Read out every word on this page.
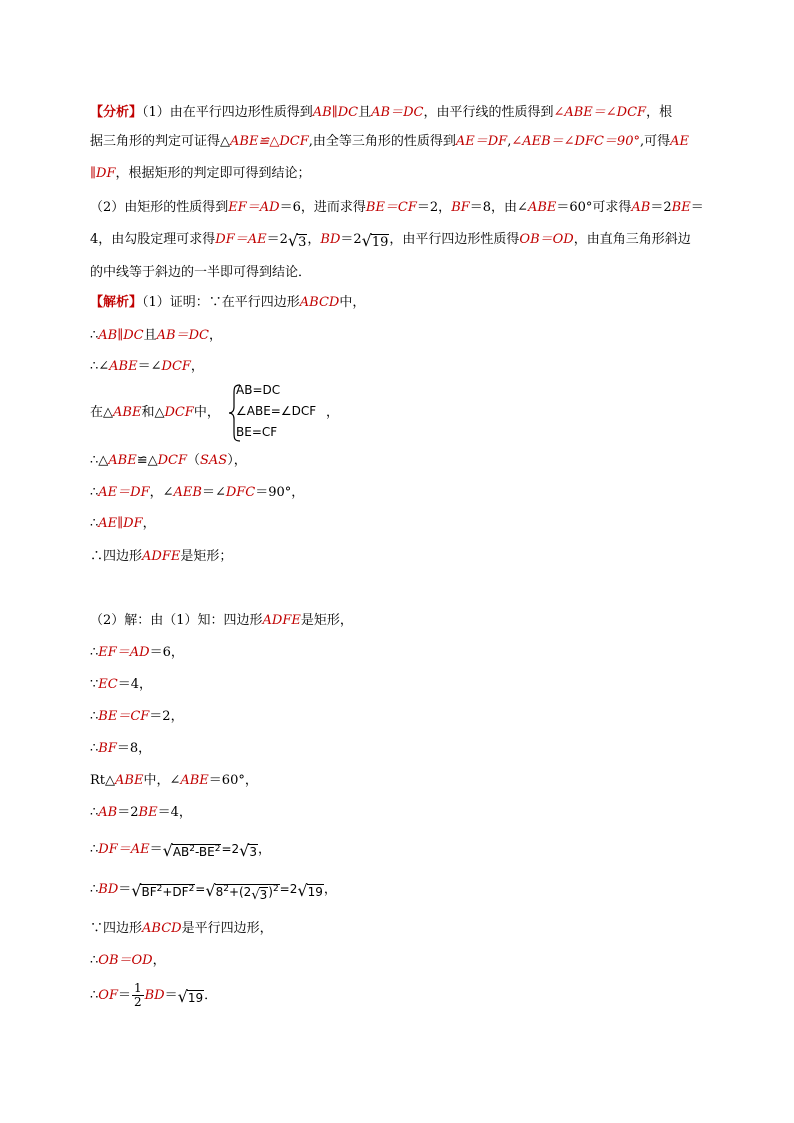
【分析】（1）由在平行四边形性质得到AB∥DC且AB＝DC，由平行线的性质得到∠ABE＝∠DCF，根
据三角形的判定可证得△ABE≌△DCF,由全等三角形的性质得到AE＝DF,∠AEB＝∠DFC＝90°,可得AE
∥DF，根据矩形的判定即可得到结论；
（2）由矩形的性质得到EF＝AD＝6，进而求得BE＝CF＝2，BF＝8，由∠ABE＝60°可求得AB＝2BE＝
4，由勾股定理可求得DF＝AE＝2√3，BD＝2√19，由平行四边形性质得OB＝OD，由直角三角形斜边
的中线等于斜边的一半即可得到结论．
【解析】（1）证明：∵在平行四边形ABCD中，
∴AB∥DC且AB＝DC，
∴∠ABE＝∠DCF，
在△ABE和△DCF中，
AB=DC
∠ABE=∠DCF
BE=CF
，
∴△ABE≌△DCF（SAS），
∴AE＝DF，∠AEB＝∠DFC＝90°，
∴AE∥DF，
∴四边形ADFE是矩形；
（2）解：由（1）知：四边形ADFE是矩形，
∴EF＝AD＝6，
∵EC＝4，
∴BE＝CF＝2，
∴BF＝8，
Rt△ABE中，∠ABE＝60°，
∴AB＝2BE＝4，
$\therefore DF=AE=√AB^2-BE^2=2√3$，
$\therefore BD=√BF^2+DF^2=√8^2+(2√3)^2=2√19$，
∵四边形ABCD是平行四边形，
∴OB＝OD，
∴OF＝ $\frac{1}{2} BD=√19$．
